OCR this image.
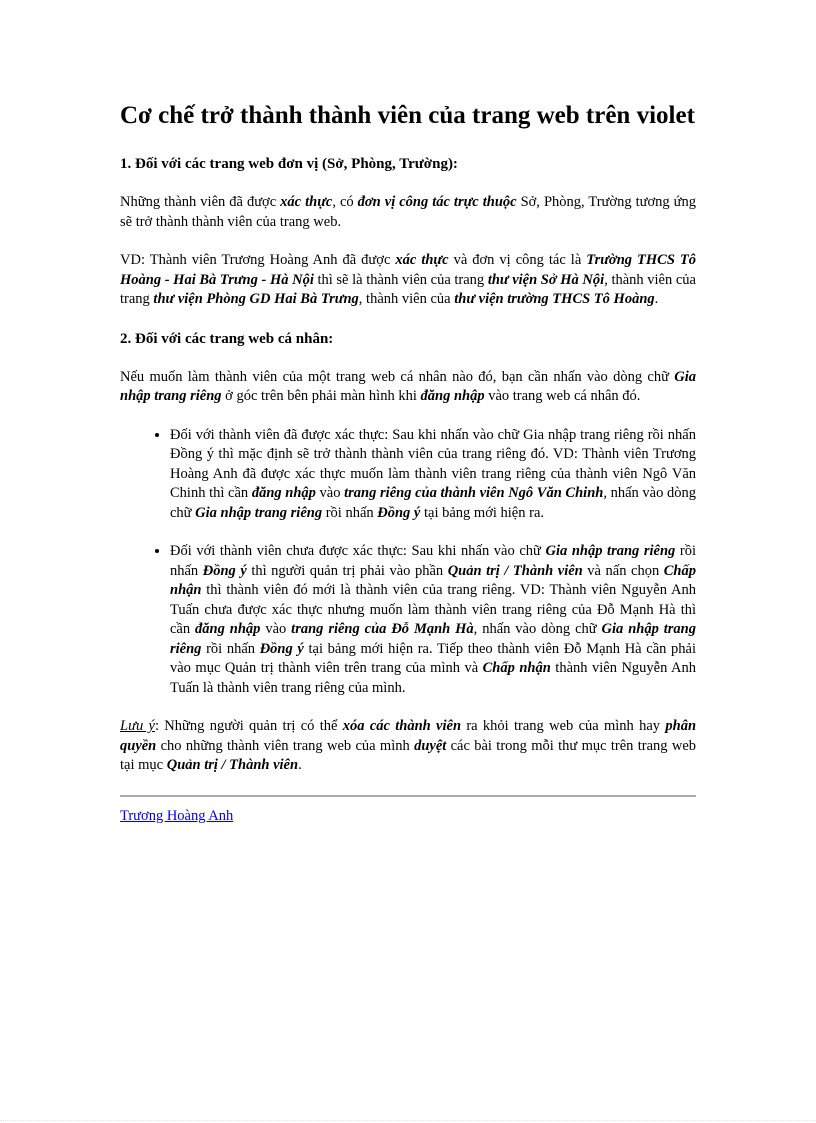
Cơ chế trở thành thành viên của trang web trên violet
1. Đối với các trang web đơn vị (Sở, Phòng, Trường):

Những thành viên đã được xác thực, có đơn vị công tác trực thuộc Sở, Phòng, Trường tương ứng sẽ trở thành thành viên của trang web.

VD: Thành viên Trương Hoàng Anh đã được xác thực và đơn vị công tác là Trường THCS Tô Hoàng - Hai Bà Trưng - Hà Nội thì sẽ là thành viên của trang thư viện Sở Hà Nội, thành viên của trang thư viện Phòng GD Hai Bà Trưng, thành viên của thư viện trường THCS Tô Hoàng.

2. Đối với các trang web cá nhân:

Nếu muốn làm thành viên của một trang web cá nhân nào đó, bạn cần nhấn vào dòng chữ Gia nhập trang riêng ở góc trên bên phải màn hình khi đăng nhập vào trang web cá nhân đó.

• Đối với thành viên đã được xác thực: Sau khi nhấn vào chữ Gia nhập trang riêng rồi nhấn Đồng ý thì mặc định sẽ trở thành thành viên của trang riêng đó. VD: Thành viên Trương Hoàng Anh đã được xác thực muốn làm thành viên trang riêng của thành viên Ngô Văn Chinh thì cần đăng nhập vào trang riêng của thành viên Ngô Văn Chinh, nhấn vào dòng chữ Gia nhập trang riêng rồi nhấn Đồng ý tại bảng mới hiện ra.
• Đối với thành viên chưa được xác thực: Sau khi nhấn vào chữ Gia nhập trang riêng rồi nhấn Đồng ý thì người quản trị phải vào phần Quản trị / Thành viên và nấn chọn Chấp nhận thì thành viên đó mới là thành viên của trang riêng. VD: Thành viên Nguyễn Anh Tuấn chưa được xác thực nhưng muốn làm thành viên trang riêng của Đỗ Mạnh Hà thì cần đăng nhập vào trang riêng của Đỗ Mạnh Hà, nhấn vào dòng chữ Gia nhập trang riêng rồi nhấn Đồng ý tại bảng mới hiện ra. Tiếp theo thành viên Đỗ Mạnh Hà cần phải vào mục Quản trị thành viên trên trang của mình và Chấp nhận thành viên Nguyễn Anh Tuấn là thành viên trang riêng của mình.

Lưu ý: Những người quản trị có thể xóa các thành viên ra khỏi trang web của mình hay phân quyền cho những thành viên trang web của mình duyệt các bài trong mỗi thư mục trên trang web tại mục Quản trị / Thành viên.

Trương Hoàng Anh
